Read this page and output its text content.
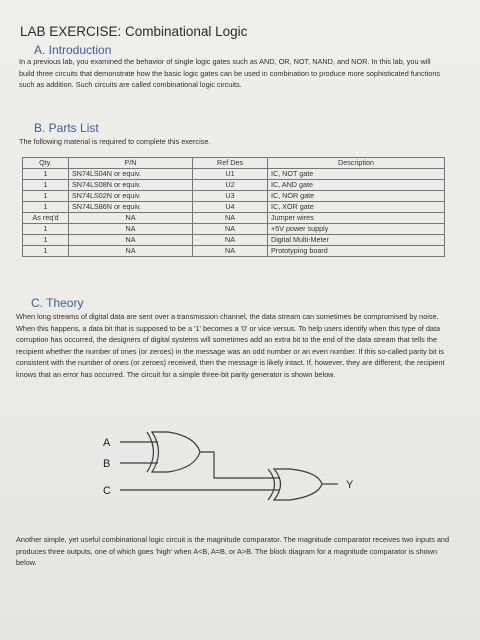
LAB EXERCISE: Combinational Logic
A. Introduction
In a previous lab, you examined the behavior of single logic gates such as AND, OR, NOT, NAND, and NOR. In this lab, you will build three circuits that demonstrate how the basic logic gates can be used in combination to produce more sophisticated functions such as addition. Such circuits are called combinational logic circuits.
B. Parts List
The following material is required to complete this exercise.
Qty.	P/N	Ref Des	Description
1	SN74LS04N or equiv.	U1	IC, NOT gate
1	SN74LS08N or equiv.	U2	IC, AND gate
1	SN74LS02N or equiv.	U3	IC, NOR gate
1	SN74LS86N or equiv.	U4	IC, XOR gate
As req'd	NA	NA	Jumper wires
1	NA	NA	+5V power supply
1	NA	NA	Digital Multi-Meter
1	NA	NA	Prototyping board
C. Theory
When long streams of digital data are sent over a transmission channel, the data stream can sometimes be compromised by noise. When this happens, a data bit that is supposed to be a '1' becomes a '0' or vice versus. To help users identify when this type of data corruption has occurred, the designers of digital systems will sometimes add an extra bit to the end of the data stream that tells the recipient whether the number of ones (or zeroes) in the message was an odd number or an even number. If this so-called parity bit is consistent with the number of ones (or zeroes) received, then the message is likely intact. If, however, they are different, the recipient knows that an error has occurred. The circuit for a simple three-bit parity generator is shown below.
A
B
C	Y
Another simple, yet useful combinational logic circuit is the magnitude comparator. The magnitude comparator receives two inputs and produces three outputs, one of which goes 'high' when A<B, A=B, or A>B. The block diagram for a magnitude comparator is shown below.
